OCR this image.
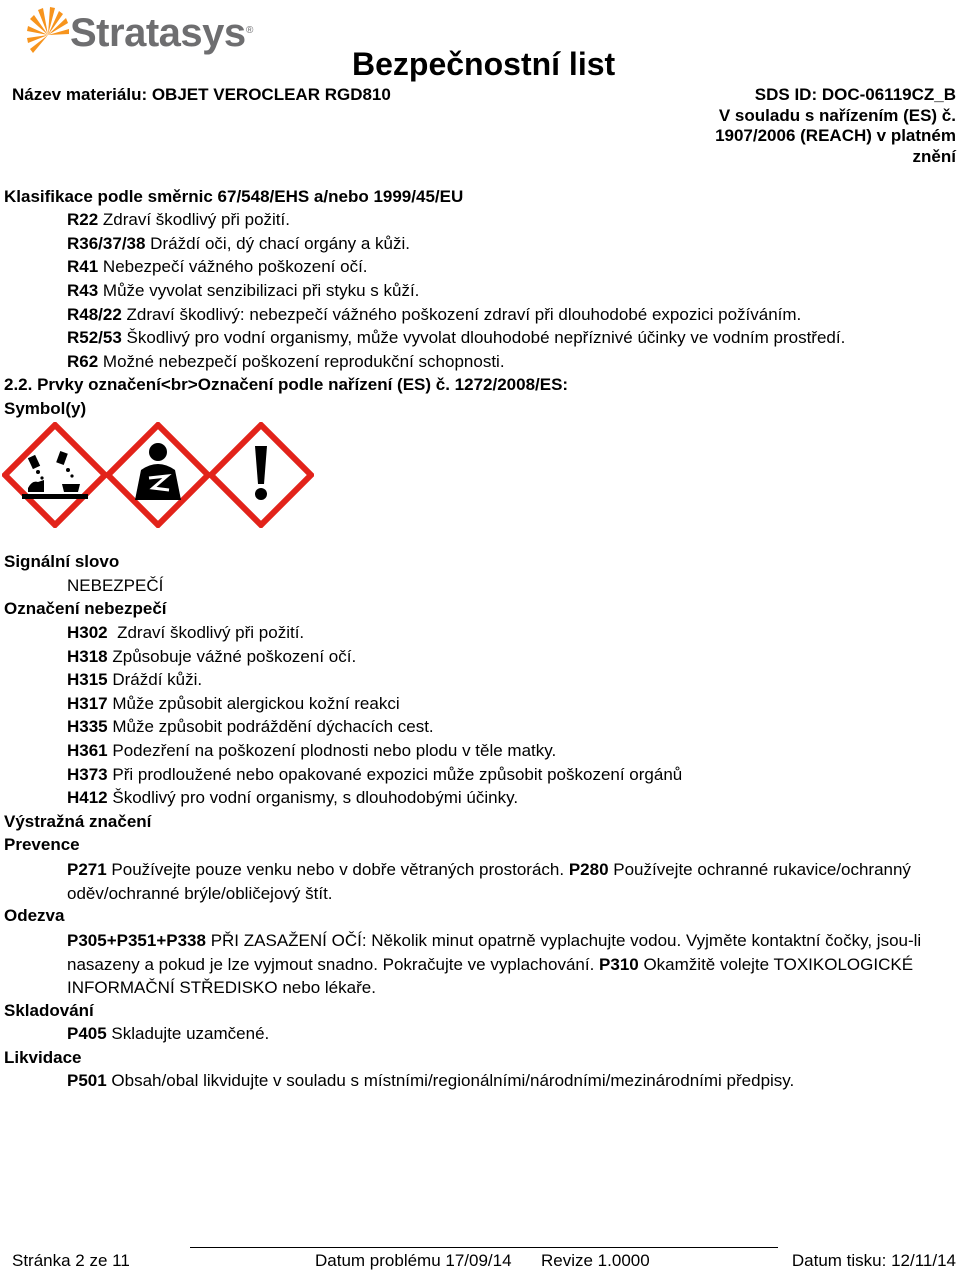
Stratasys ®
Bezpečnostní list
Název materiálu: OBJET VEROCLEAR RGD810	SDS ID: DOC-06119CZ_B
V souladu s nařízením (ES) č.
1907/2006 (REACH) v platném
znění
Klasifikace podle směrnic 67/548/EHS a/nebo 1999/45/EU
R22 Zdraví škodlivý při požití.
R36/37/38 Dráždí oči, dý chací orgány a kůži.
R41 Nebezpečí vážného poškození očí.
R43 Může vyvolat senzibilizaci při styku s kůží.
R48/22 Zdraví škodlivý: nebezpečí vážného poškození zdraví při dlouhodobé expozici požíváním.
R52/53 Škodlivý pro vodní organismy, může vyvolat dlouhodobé nepříznivé účinky ve vodním prostředí.
R62 Možné nebezpečí poškození reprodukční schopnosti.
2.2. Prvky označení<br>Označení podle nařízení (ES) č. 1272/2008/ES:
Symbol(y)
Signální slovo
NEBEZPEČÍ
Označení nebezpečí
H302  Zdraví škodlivý při požití.
H318 Způsobuje vážné poškození očí.
H315 Dráždí kůži.
H317 Může způsobit alergickou kožní reakci
H335 Může způsobit podráždění dýchacích cest.
H361 Podezření na poškození plodnosti nebo plodu v těle matky.
H373 Při prodloužené nebo opakované expozici může způsobit poškození orgánů
H412 Škodlivý pro vodní organismy, s dlouhodobými účinky.
Výstražná značení
Prevence
P271 Používejte pouze venku nebo v dobře větraných prostorách. P280 Používejte ochranné rukavice/ochranný oděv/ochranné brýle/obličejový štít.
Odezva
P305+P351+P338 PŘI ZASAŽENÍ OČÍ: Několik minut opatrně vyplachujte vodou. Vyjměte kontaktní čočky, jsou-li nasazeny a pokud je lze vyjmout snadno. Pokračujte ve vyplachování. P310 Okamžitě volejte TOXIKOLOGICKÉ INFORMAČNÍ STŘEDISKO nebo lékaře.
Skladování
P405 Skladujte uzamčené.
Likvidace
P501 Obsah/obal likvidujte v souladu s místními/regionálními/národními/mezinárodními předpisy.
Stránka 2 ze 11	Datum problému 17/09/14 Revize 1.0000	Datum tisku: 12/11/14
